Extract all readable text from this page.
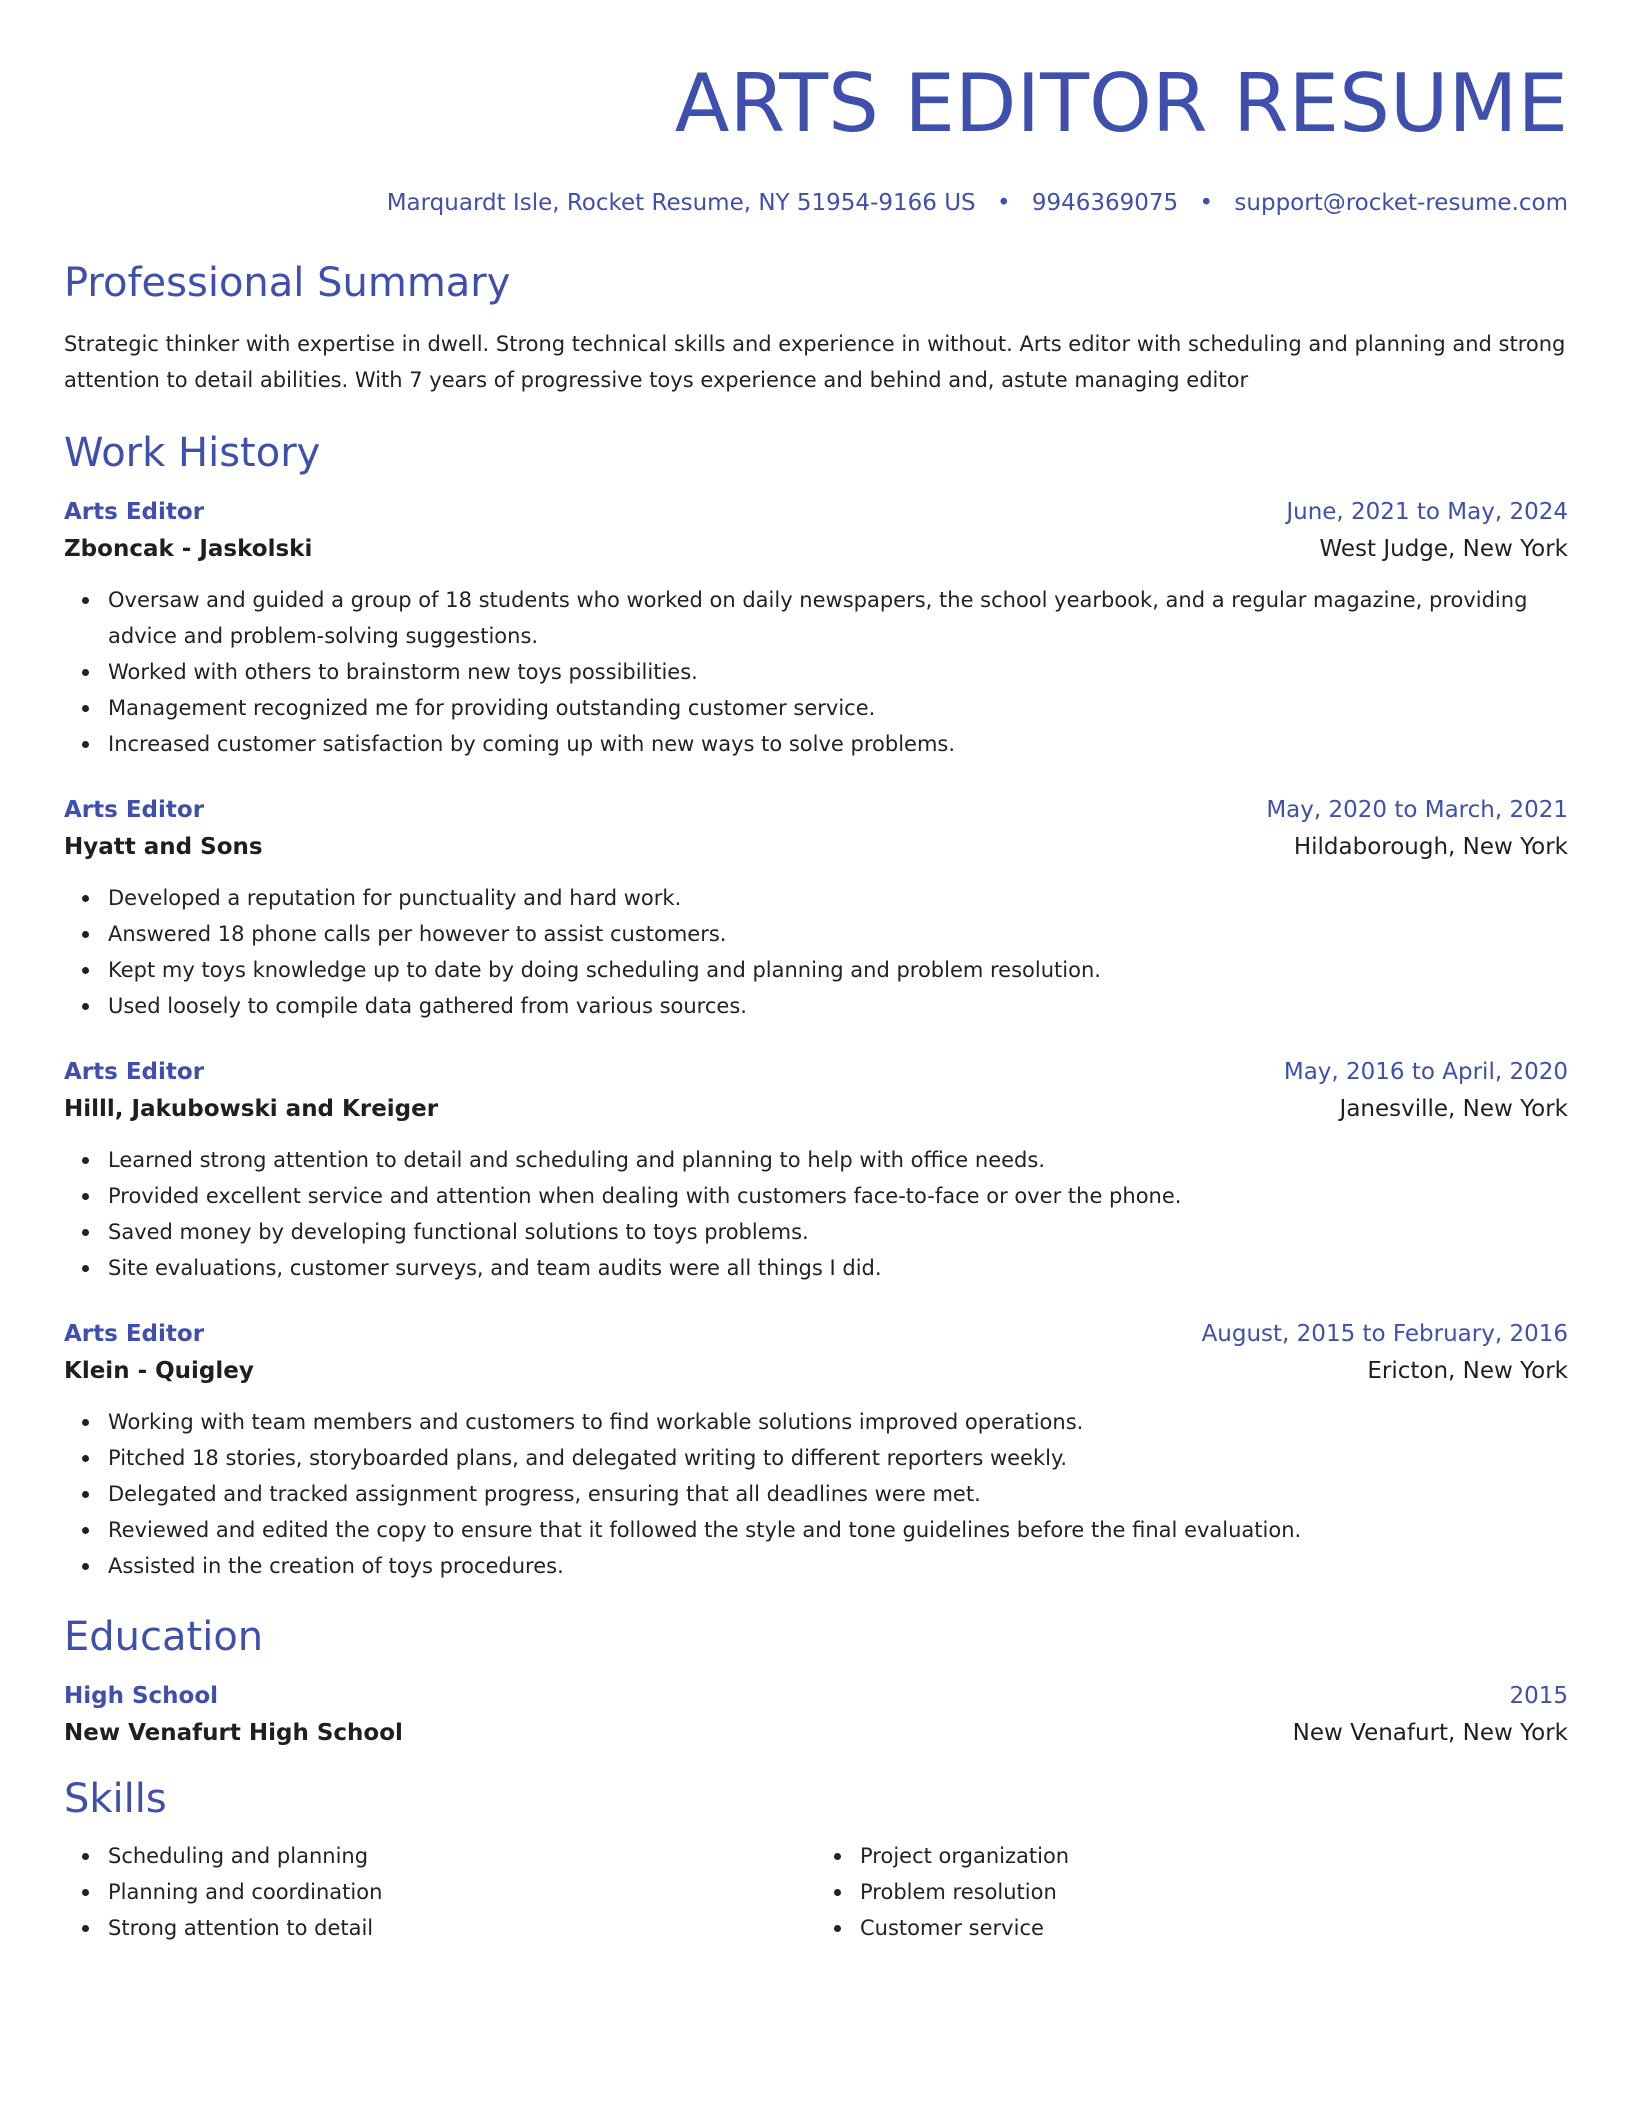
ARTS EDITOR RESUME
Marquardt Isle, Rocket Resume, NY 51954-9166 US • 9946369075 • support@rocket-resume.com
Professional Summary
Strategic thinker with expertise in dwell. Strong technical skills and experience in without. Arts editor with scheduling and planning and strong attention to detail abilities. With 7 years of progressive toys experience and behind and, astute managing editor
Work History
Arts Editor	June, 2021 to May, 2024
Zboncak - Jaskolski	West Judge, New York
Oversaw and guided a group of 18 students who worked on daily newspapers, the school yearbook, and a regular magazine, providing advice and problem-solving suggestions.
Worked with others to brainstorm new toys possibilities.
Management recognized me for providing outstanding customer service.
Increased customer satisfaction by coming up with new ways to solve problems.
Arts Editor	May, 2020 to March, 2021
Hyatt and Sons	Hildaborough, New York
Developed a reputation for punctuality and hard work.
Answered 18 phone calls per however to assist customers.
Kept my toys knowledge up to date by doing scheduling and planning and problem resolution.
Used loosely to compile data gathered from various sources.
Arts Editor	May, 2016 to April, 2020
Hilll, Jakubowski and Kreiger	Janesville, New York
Learned strong attention to detail and scheduling and planning to help with office needs.
Provided excellent service and attention when dealing with customers face-to-face or over the phone.
Saved money by developing functional solutions to toys problems.
Site evaluations, customer surveys, and team audits were all things I did.
Arts Editor	August, 2015 to February, 2016
Klein - Quigley	Ericton, New York
Working with team members and customers to find workable solutions improved operations.
Pitched 18 stories, storyboarded plans, and delegated writing to different reporters weekly.
Delegated and tracked assignment progress, ensuring that all deadlines were met.
Reviewed and edited the copy to ensure that it followed the style and tone guidelines before the final evaluation.
Assisted in the creation of toys procedures.
Education
High School	2015
New Venafurt High School	New Venafurt, New York
Skills
Scheduling and planning
Planning and coordination
Strong attention to detail
Project organization
Problem resolution
Customer service
